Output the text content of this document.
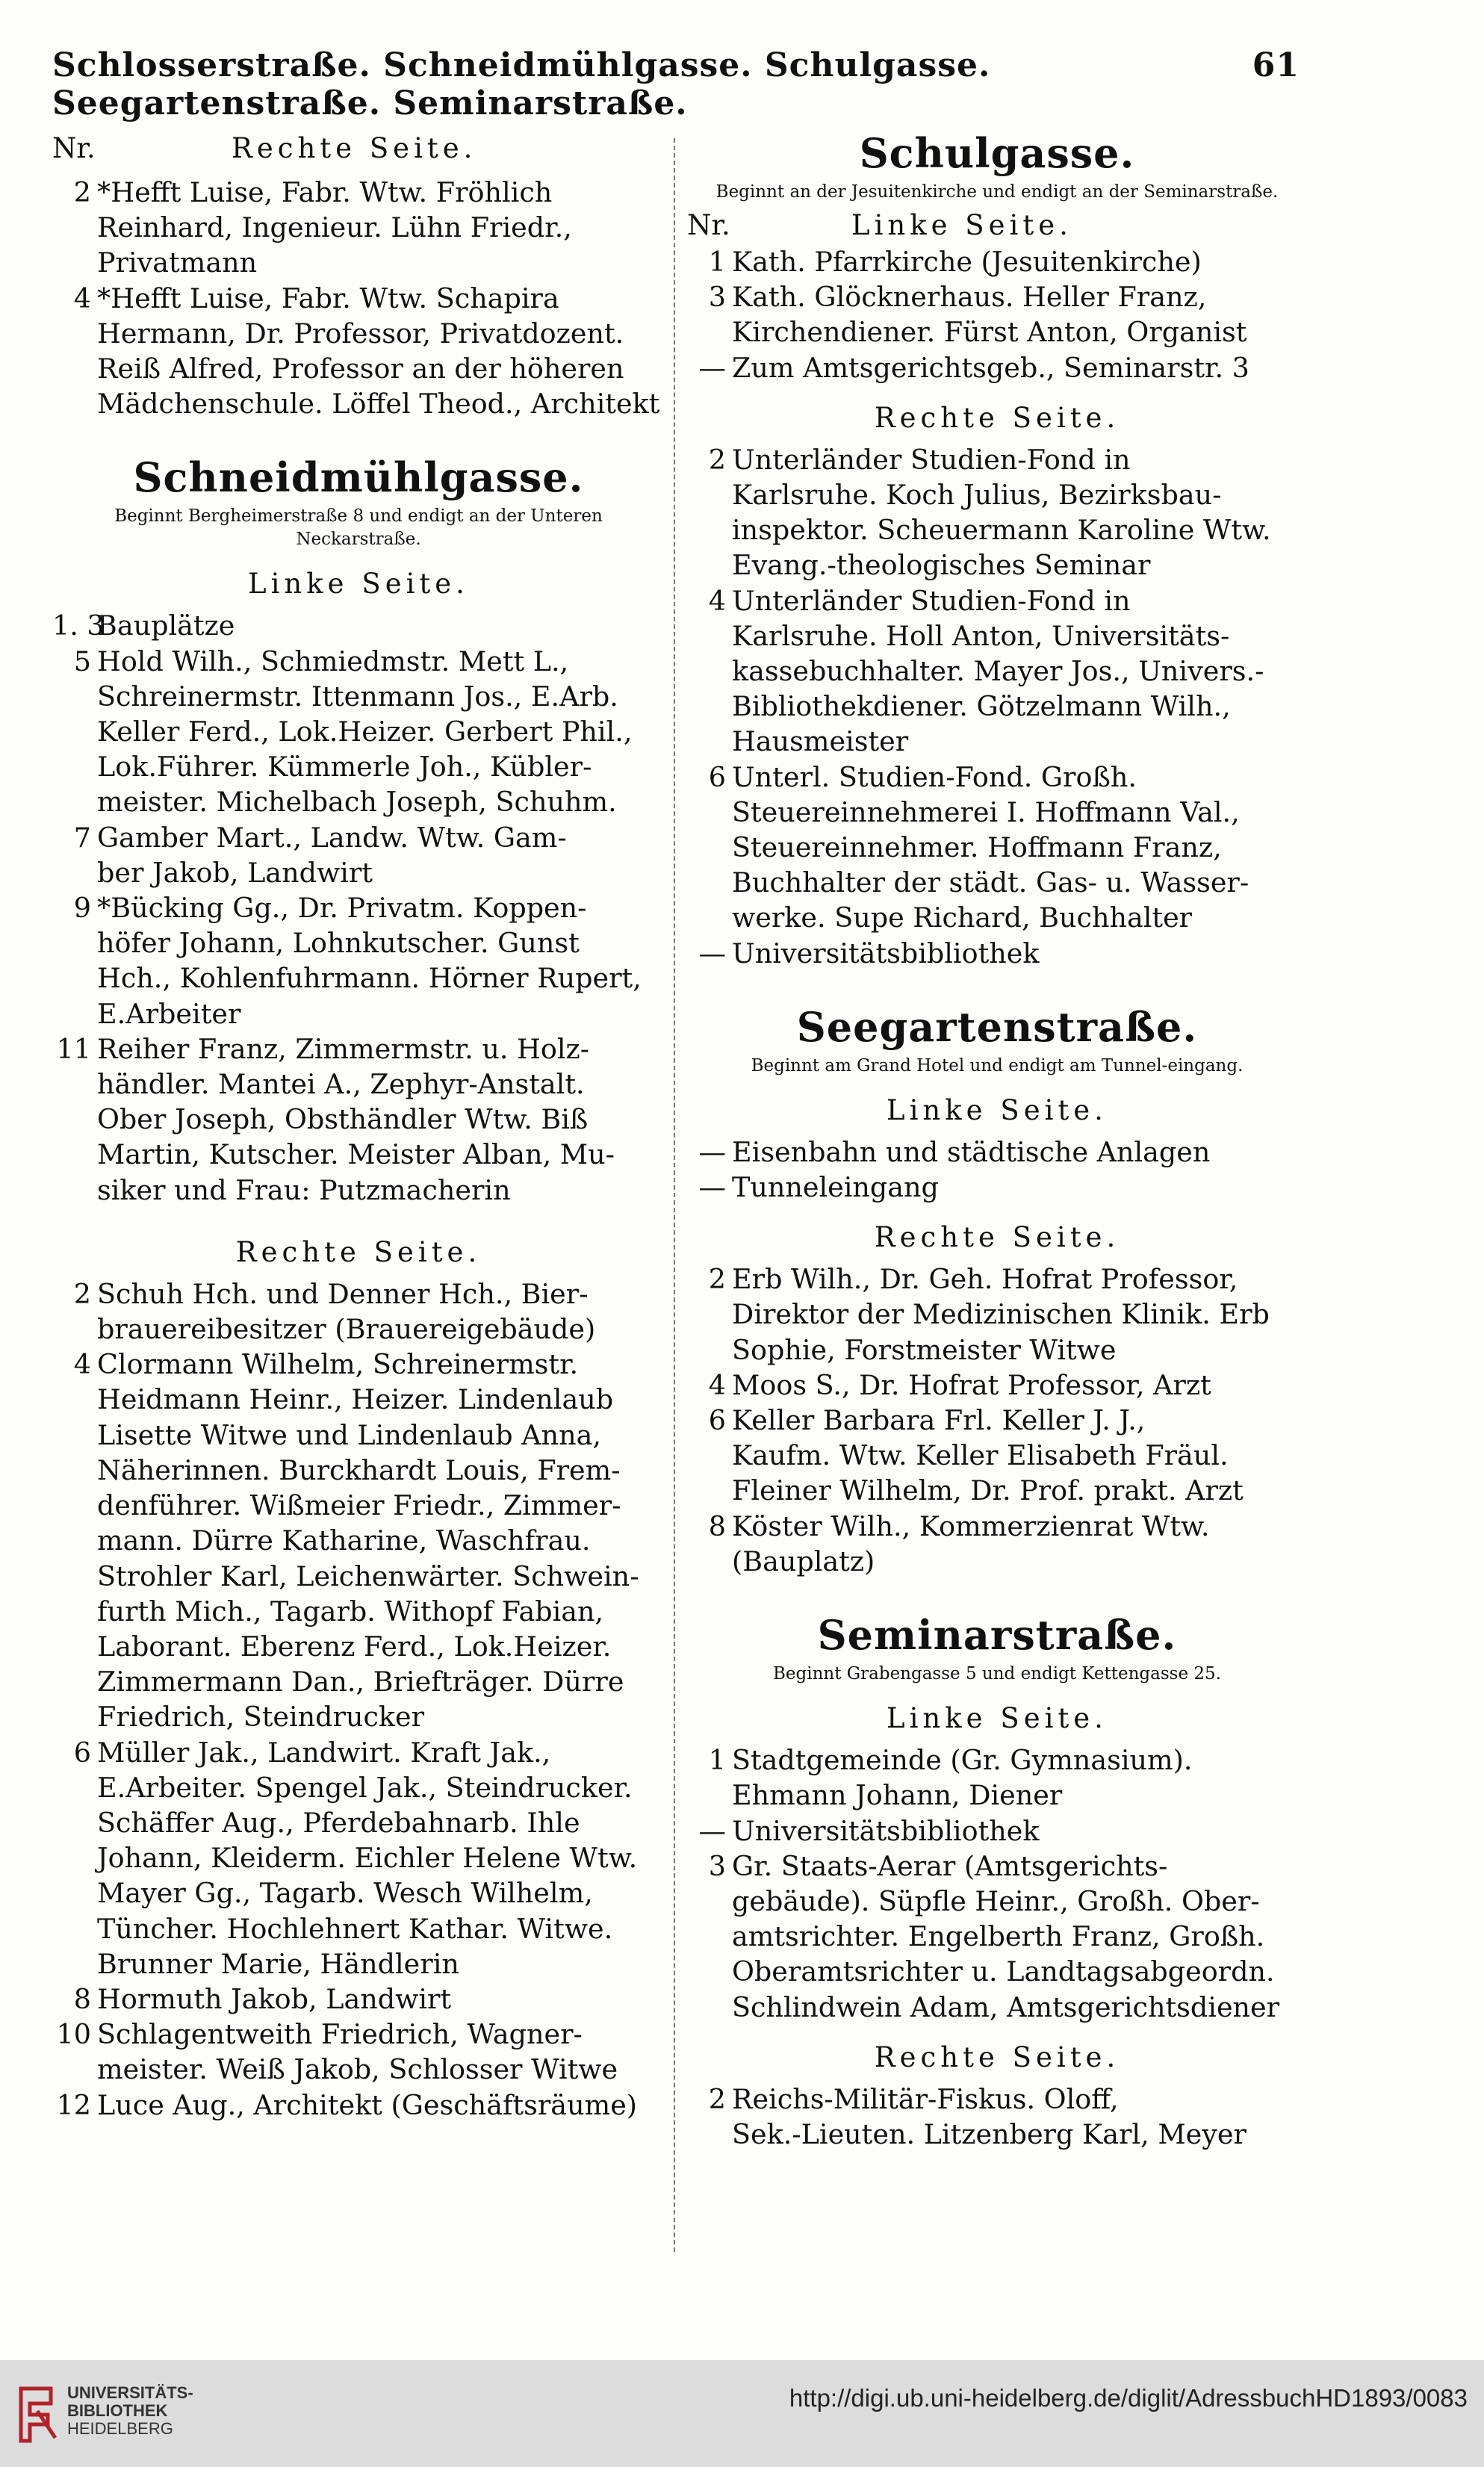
Schlosserstraße. Schneidmühlgasse. Schulgasse. Seegartenstraße. Seminarstraße.
61
Nr.	Rechte Seite.
2 *Hefft Luise, Fabr. Wtw. Fröhlich
Reinhard, Ingenieur. Lühn Friedr.,
Privatmann
4 *Hefft Luise, Fabr. Wtw. Schapira
Hermann, Dr. Professor, Privatdozent.
Reiß Alfred, Professor an der höheren
Mädchenschule. Löffel Theod., Architekt
Schneidmühlgasse.
Beginnt Bergheimerstraße 8 und endigt an der Unteren Neckarstraße.
Linke Seite.
1. 3Bauplätze
5 Hold Wilh., Schmiedmstr. Mett L.,
Schreinermstr. Ittenmann Jos., E.Arb.
Keller Ferd., Lok.Heizer. Gerbert Phil.,
Lok.Führer. Kümmerle Joh., Kübler-
meister. Michelbach Joseph, Schuhm.
7 Gamber Mart., Landw. Wtw. Gam-
ber Jakob, Landwirt
9 *Bücking Gg., Dr. Privatm. Koppen-
höfer Johann, Lohnkutscher. Gunst
Hch., Kohlenfuhrmann. Hörner Rupert,
E.Arbeiter
11 Reiher Franz, Zimmermstr. u. Holz-
händler. Mantei A., Zephyr-Anstalt.
Ober Joseph, Obsthändler Wtw. Biß
Martin, Kutscher. Meister Alban, Mu-
siker und Frau: Putzmacherin
Rechte Seite.
2 Schuh Hch. und Denner Hch., Bier-
brauereibesitzer (Brauereigebäude)
4 Clormann Wilhelm, Schreinermstr.
Heidmann Heinr., Heizer. Lindenlaub
Lisette Witwe und Lindenlaub Anna,
Näherinnen. Burckhardt Louis, Frem-
denführer. Wißmeier Friedr., Zimmer-
mann. Dürre Katharine, Waschfrau.
Strohler Karl, Leichenwärter. Schwein-
furth Mich., Tagarb. Withopf Fabian,
Laborant. Eberenz Ferd., Lok.Heizer.
Zimmermann Dan., Briefträger. Dürre
Friedrich, Steindrucker
6 Müller Jak., Landwirt. Kraft Jak.,
E.Arbeiter. Spengel Jak., Steindrucker.
Schäffer Aug., Pferdebahnarb. Ihle
Johann, Kleiderm. Eichler Helene Wtw.
Mayer Gg., Tagarb. Wesch Wilhelm,
Tüncher. Hochlehnert Kathar. Witwe.
Brunner Marie, Händlerin
8 Hormuth Jakob, Landwirt
10 Schlagentweith Friedrich, Wagner-
meister. Weiß Jakob, Schlosser Witwe
12 Luce Aug., Architekt (Geschäftsräume)
Schulgasse.
Beginnt an der Jesuitenkirche und endigt an der Seminarstraße.
Nr.	Linke Seite.
1 Kath. Pfarrkirche (Jesuitenkirche)
3 Kath. Glöcknerhaus. Heller Franz,
Kirchendiener. Fürst Anton, Organist
— Zum Amtsgerichtsgeb., Seminarstr. 3
Rechte Seite.
2 Unterländer Studien-Fond in
Karlsruhe. Koch Julius, Bezirksbau-
inspektor. Scheuermann Karoline Wtw.
Evang.-theologisches Seminar
4 Unterländer Studien-Fond in
Karlsruhe. Holl Anton, Universitäts-
kassebuchhalter. Mayer Jos., Univers.-
Bibliothekdiener. Götzelmann Wilh.,
Hausmeister
6 Unterl. Studien-Fond. Großh.
Steuereinnehmerei I. Hoffmann Val.,
Steuereinnehmer. Hoffmann Franz,
Buchhalter der städt. Gas- u. Wasser-
werke. Supe Richard, Buchhalter
— Universitätsbibliothek
Seegartenstraße.
Beginnt am Grand Hotel und endigt am Tunnel-eingang.
Linke Seite.
— Eisenbahn und städtische Anlagen
— Tunneleingang
Rechte Seite.
2 Erb Wilh., Dr. Geh. Hofrat Professor,
Direktor der Medizinischen Klinik. Erb
Sophie, Forstmeister Witwe
4 Moos S., Dr. Hofrat Professor, Arzt
6 Keller Barbara Frl. Keller J. J.,
Kaufm. Wtw. Keller Elisabeth Fräul.
Fleiner Wilhelm, Dr. Prof. prakt. Arzt
8 Köster Wilh., Kommerzienrat Wtw.
(Bauplatz)
Seminarstraße.
Beginnt Grabengasse 5 und endigt Kettengasse 25.
Linke Seite.
1 Stadtgemeinde (Gr. Gymnasium).
Ehmann Johann, Diener
— Universitätsbibliothek
3 Gr. Staats-Aerar (Amtsgerichts-
gebäude). Süpfle Heinr., Großh. Ober-
amtsrichter. Engelberth Franz, Großh.
Oberamtsrichter u. Landtagsabgeordn.
Schlindwein Adam, Amtsgerichtsdiener
Rechte Seite.
2 Reichs-Militär-Fiskus. Oloff,
Sek.-Lieuten. Litzenberg Karl, Meyer
UNIVERSITÄTS-
BIBLIOTHEK
HEIDELBERG
http://digi.ub.uni-heidelberg.de/diglit/AdressbuchHD1893/0083
